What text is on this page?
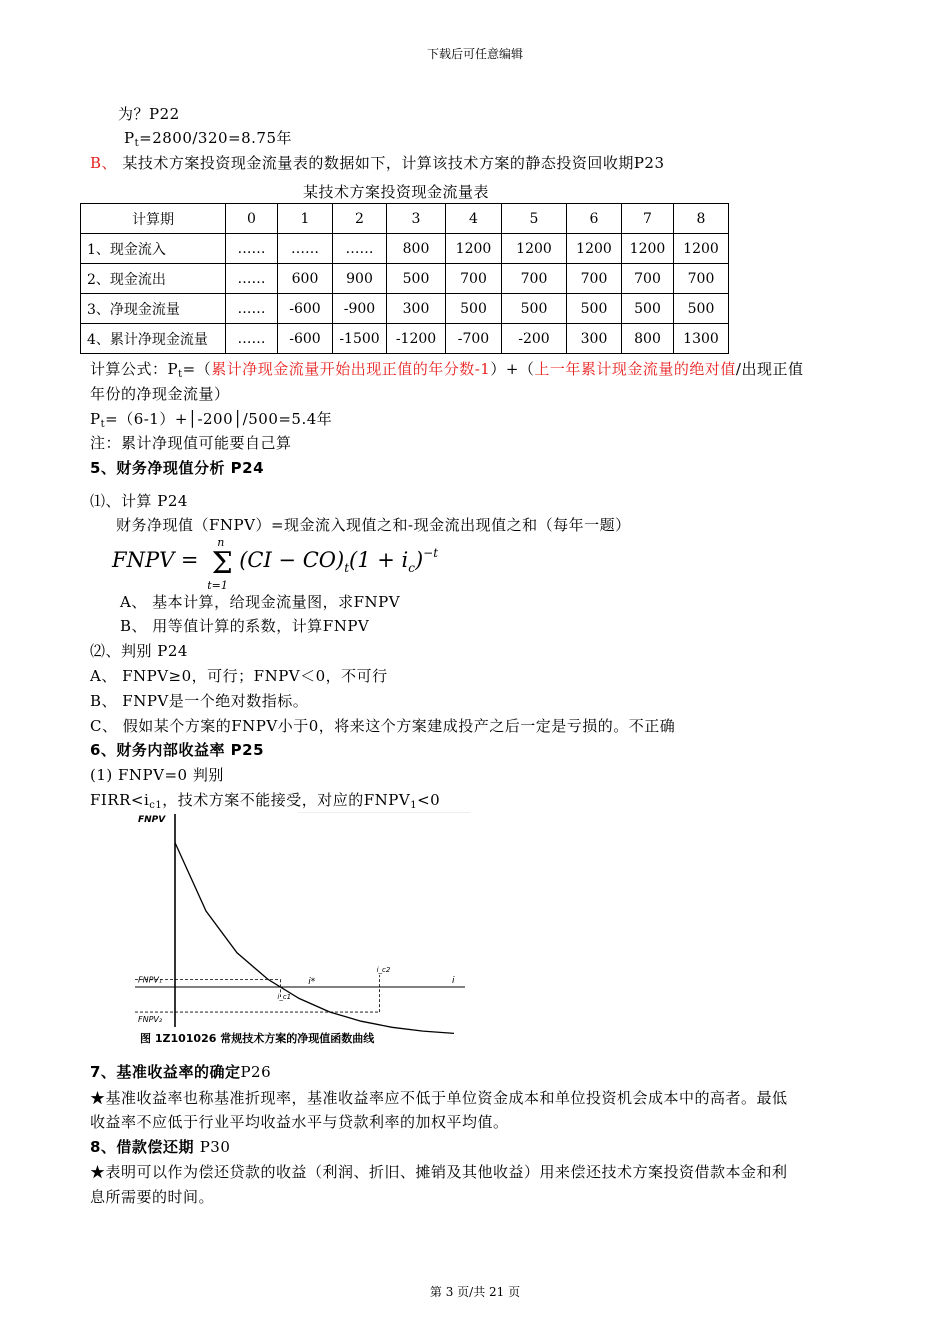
下载后可任意编辑
第 3 页/共 21 页
为？P22
$P_t=2800/320=8.75$年
B、 某技术方案投资现金流量表的数据如下，计算该技术方案的静态投资回收期P23
某技术方案投资现金流量表
计算期	0	1	2	3	4	5	6	7	8
1、现金流入	……	……	……	800	1200	1200	1200	1200	1200
2、现金流出	……	600	900	500	700	700	700	700	700
3、净现金流量	……	-600	-900	300	500	500	500	500	500
4、累计净现金流量	……	-600	-1500	-1200	-700	-200	300	800	1300
计算公式：$P_t=$（累计净现金流量开始出现正值的年分数-1）+（上一年累计现金流量的绝对值/出现正值
年份的净现金流量）
$P_t=(6-1)+│-200│/500=5.4$年
注：累计净现值可能要自己算
5、财务净现值分析 P24
⑴、计算 P24
财务净现值（FNPV）=现金流入现值之和-现金流出现值之和（每年一题）
FNPV =
n
Σ
t=1
$(CI - CO)_t(1 + i_c)^{-t}$
A、 基本计算，给现金流量图，求FNPV
B、 用等值计算的系数，计算FNPV
⑵、判别 P24
A、 FNPV≥0，可行；FNPV＜0，不可行
B、 FNPV是一个绝对数指标。
C、 假如某个方案的FNPV小于0，将来这个方案建成投产之后一定是亏损的。不正确
6、财务内部收益率 P25
(1) FNPV=0 判别
$FIRR<i_{c1}$，技术方案不能接受，对应的$FNPV_1<0$
FNPV
FNPV₁
FNPV₂
i*
i_c1
i_c2
i
图 1Z101026 常规技术方案的净现值函数曲线
7、基准收益率的确定P26
★基准收益率也称基准折现率，基准收益率应不低于单位资金成本和单位投资机会成本中的高者。最低
收益率不应低于行业平均收益水平与贷款利率的加权平均值。
8、借款偿还期 P30
★表明可以作为偿还贷款的收益（利润、折旧、摊销及其他收益）用来偿还技术方案投资借款本金和利
息所需要的时间。
